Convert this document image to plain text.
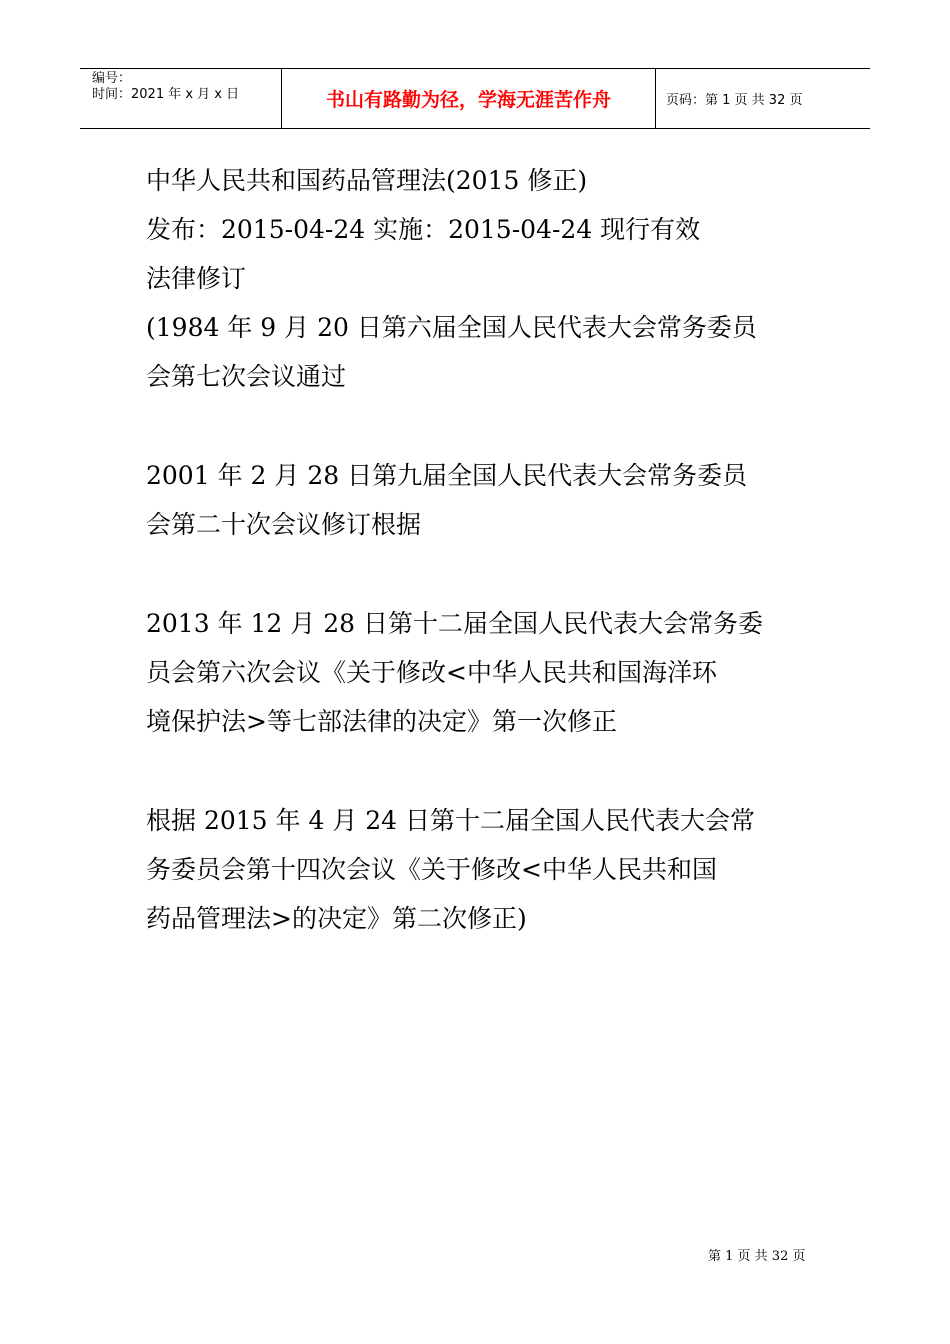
编号：
时间：2021 年 x 月 x 日	书山有路勤为径，学海无涯苦作舟	页码：第 1 页 共 32 页
中华人民共和国药品管理法(2015 修正)
发布：2015-04-24 实施：2015-04-24 现行有效
法律修订
(1984 年 9 月 20 日第六届全国人民代表大会常务委员
会第七次会议通过
2001 年 2 月 28 日第九届全国人民代表大会常务委员
会第二十次会议修订根据
2013 年 12 月 28 日第十二届全国人民代表大会常务委
员会第六次会议《关于修改<中华人民共和国海洋环
境保护法>等七部法律的决定》第一次修正
根据 2015 年 4 月 24 日第十二届全国人民代表大会常
务委员会第十四次会议《关于修改<中华人民共和国
药品管理法>的决定》第二次修正)
第 1 页 共 32 页
